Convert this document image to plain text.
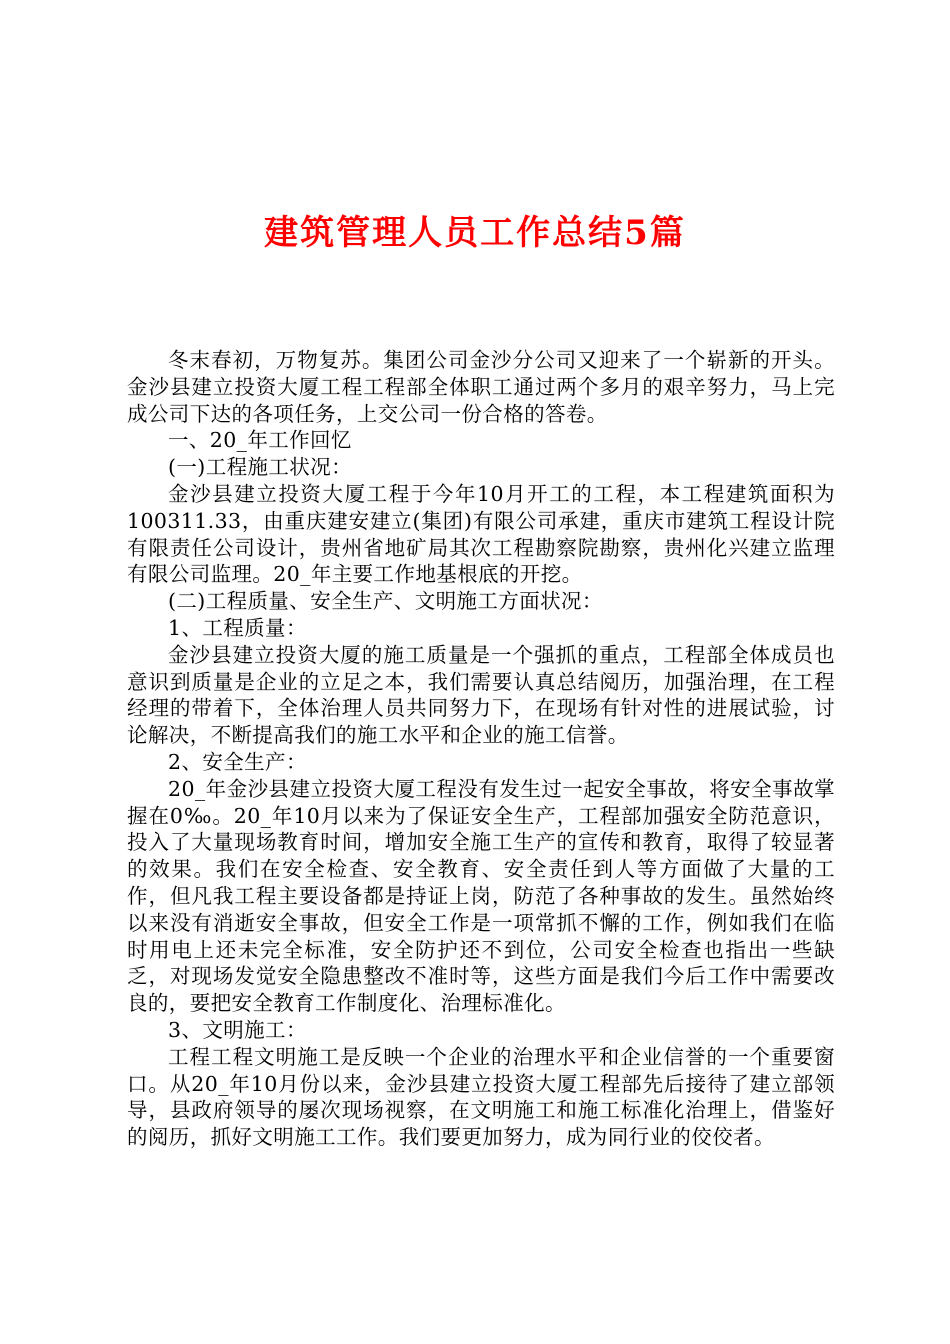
建筑管理人员工作总结5篇

冬末春初，万物复苏。集团公司金沙分公司又迎来了一个崭新的开头。金沙县建立投资大厦工程工程部全体职工通过两个多月的艰辛努力，马上完成公司下达的各项任务，上交公司一份合格的答卷。

一、20_年工作回忆

(一)工程施工状况：

金沙县建立投资大厦工程于今年10月开工的工程，本工程建筑面积为100311.33，由重庆建安建立(集团)有限公司承建，重庆市建筑工程设计院有限责任公司设计，贵州省地矿局其次工程勘察院勘察，贵州化兴建立监理有限公司监理。20_年主要工作地基根底的开挖。

(二)工程质量、安全生产、文明施工方面状况：

1、工程质量：

金沙县建立投资大厦的施工质量是一个强抓的重点，工程部全体成员也意识到质量是企业的立足之本，我们需要认真总结阅历，加强治理，在工程经理的带着下，全体治理人员共同努力下，在现场有针对性的进展试验，讨论解决，不断提高我们的施工水平和企业的施工信誉。

2、安全生产：

20_年金沙县建立投资大厦工程没有发生过一起安全事故，将安全事故掌握在0‰。20_年10月以来为了保证安全生产，工程部加强安全防范意识，投入了大量现场教育时间，增加安全施工生产的宣传和教育，取得了较显著的效果。我们在安全检查、安全教育、安全责任到人等方面做了大量的工作，但凡我工程主要设备都是持证上岗，防范了各种事故的发生。虽然始终以来没有消逝安全事故，但安全工作是一项常抓不懈的工作，例如我们在临时用电上还未完全标准，安全防护还不到位，公司安全检查也指出一些缺乏，对现场发觉安全隐患整改不准时等，这些方面是我们今后工作中需要改良的，要把安全教育工作制度化、治理标准化。

3、文明施工：

工程工程文明施工是反映一个企业的治理水平和企业信誉的一个重要窗口。从20_年10月份以来，金沙县建立投资大厦工程部先后接待了建立部领导，县政府领导的屡次现场视察，在文明施工和施工标准化治理上，借鉴好的阅历，抓好文明施工工作。我们要更加努力，成为同行业的佼佼者。
